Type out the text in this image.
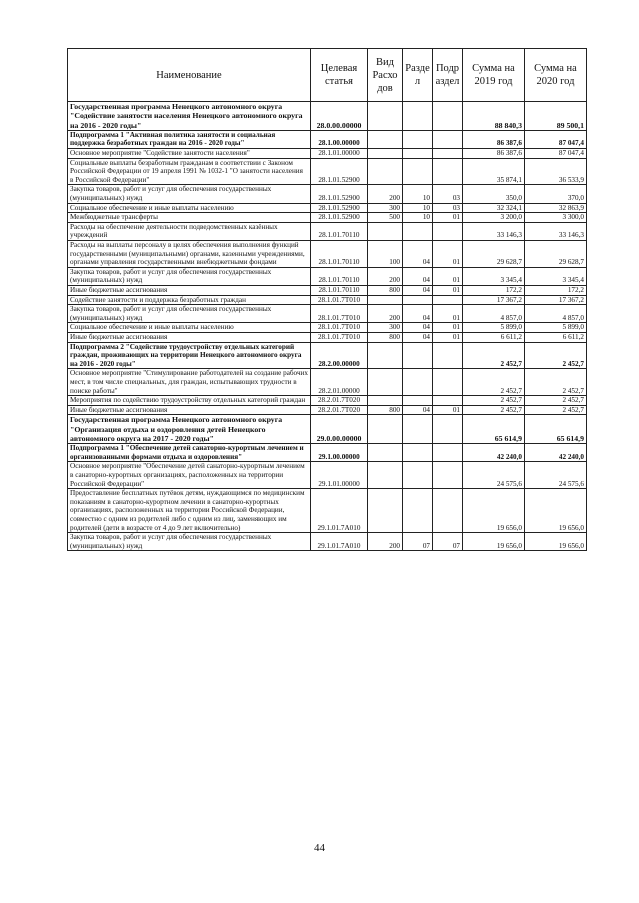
Наименование	Целевая статья	Вид Расхо дов	Разде л	Подр аздел	Сумма на 2019 год	Сумма на 2020 год
Государственная программа Ненецкого автономного округа "Содействие занятости населения Ненецкого автономного округа на 2016 - 2020 годы"	28.0.00.00000				88 840,3	89 500,1
Подпрограмма 1 "Активная политика занятости и социальная поддержка безработных граждан на 2016 - 2020 годы"	28.1.00.00000				86 387,6	87 047,4
Основное мероприятие "Содействие занятости населения"	28.1.01.00000				86 387,6	87 047,4
Социальные выплаты безработным гражданам в соответствии с Законом Российской Федерации от 19 апреля 1991 № 1032-1 "О занятости населения в Российской Федерации"	28.1.01.52900				35 874,1	36 533,9
Закупка товаров, работ и услуг для обеспечения государственных (муниципальных) нужд	28.1.01.52900	200	10	03	350,0	370,0
Социальное обеспечение и иные выплаты населению	28.1.01.52900	300	10	03	32 324,1	32 863,9
Межбюджетные трансферты	28.1.01.52900	500	10	01	3 200,0	3 300,0
Расходы на обеспечение деятельности подведомственных казённых учреждений	28.1.01.70110				33 146,3	33 146,3
Расходы на выплаты персоналу в целях обеспечения выполнения функций государственными (муниципальными) органами, казенными учреждениями, органами управления государственными внебюджетными фондами	28.1.01.70110	100	04	01	29 628,7	29 628,7
Закупка товаров, работ и услуг для обеспечения государственных (муниципальных) нужд	28.1.01.70110	200	04	01	3 345,4	3 345,4
Иные бюджетные ассигнования	28.1.01.70110	800	04	01	172,2	172,2
Содействие занятости и поддержка безработных граждан	28.1.01.7Т010				17 367,2	17 367,2
Закупка товаров, работ и услуг для обеспечения государственных (муниципальных) нужд	28.1.01.7Т010	200	04	01	4 857,0	4 857,0
Социальное обеспечение и иные выплаты населению	28.1.01.7Т010	300	04	01	5 899,0	5 899,0
Иные бюджетные ассигнования	28.1.01.7Т010	800	04	01	6 611,2	6 611,2
Подпрограмма 2 "Содействие трудоустройству отдельных категорий граждан, проживающих на территории Ненецкого автономного округа на 2016 - 2020 годы"	28.2.00.00000				2 452,7	2 452,7
Основное мероприятие "Стимулирование работодателей на создание рабочих мест, в том числе специальных, для граждан, испытывающих трудности в поиске работы"	28.2.01.00000				2 452,7	2 452,7
Мероприятия по содействию трудоустройству отдельных категорий граждан	28.2.01.7Т020				2 452,7	2 452,7
Иные бюджетные ассигнования	28.2.01.7Т020	800	04	01	2 452,7	2 452,7
Государственная программа Ненецкого автономного округа "Организация отдыха и оздоровления детей Ненецкого автономного округа на 2017 - 2020 годы"	29.0.00.00000				65 614,9	65 614,9
Подпрограмма 1 "Обеспечение детей санаторно-курортным лечением и организованными формами отдыха и оздоровления"	29.1.00.00000				42 240,0	42 240,0
Основное мероприятие "Обеспечение детей санаторно-курортным лечением в санаторно-курортных организациях, расположенных на территории Российской Федерации"	29.1.01.00000				24 575,6	24 575,6
Предоставление бесплатных путёвок детям, нуждающимся по медицинским показаниям в санаторно-курортном лечении в санаторно-курортных организациях, расположенных на территории Российской Федерации, совместно с одним из родителей либо с одним из лиц, заменяющих им родителей (дети в возрасте от 4 до 9 лет включительно)	29.1.01.7А010				19 656,0	19 656,0
Закупка товаров, работ и услуг для обеспечения государственных (муниципальных) нужд	29.1.01.7А010	200	07	07	19 656,0	19 656,0
44
